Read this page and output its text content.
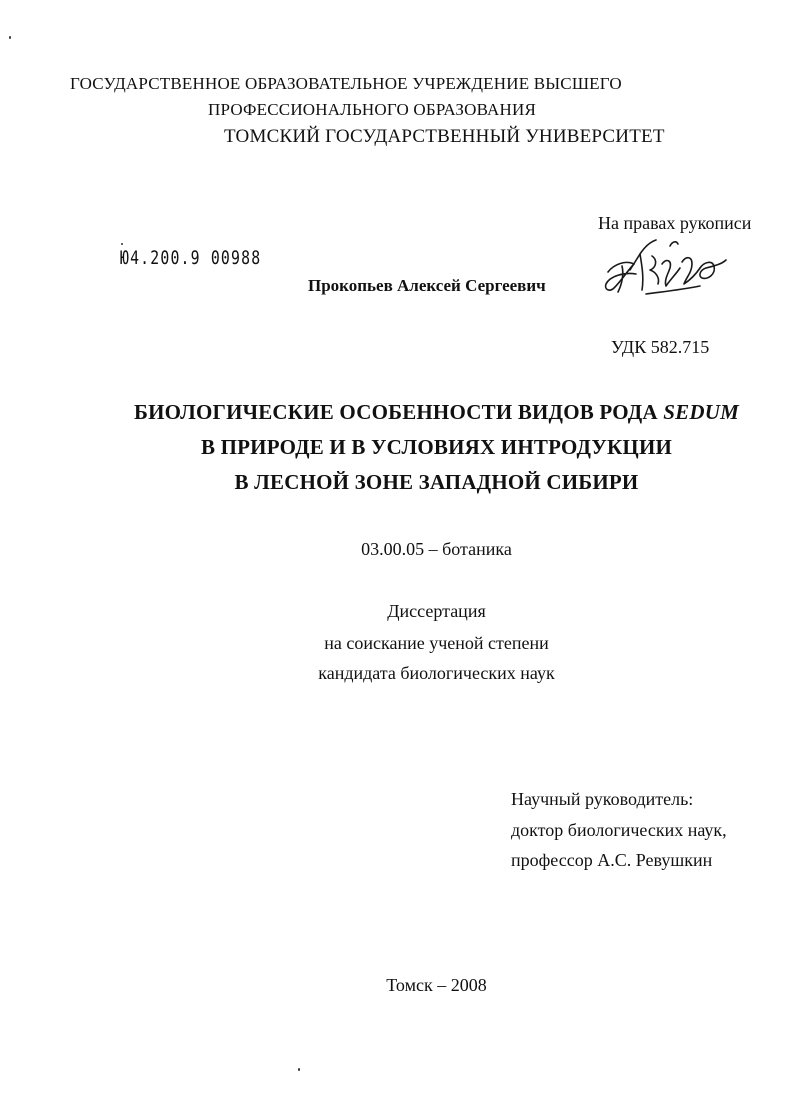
ГОСУДАРСТВЕННОЕ ОБРАЗОВАТЕЛЬНОЕ УЧРЕЖДЕНИЕ ВЫСШЕГО
ПРОФЕССИОНАЛЬНОГО ОБРАЗОВАНИЯ
ТОМСКИЙ ГОСУДАРСТВЕННЫЙ УНИВЕРСИТЕТ
На правах рукописи
Ю4.200.9 00988
Прокопьев Алексей Сергеевич
УДК 582.715
БИОЛОГИЧЕСКИЕ ОСОБЕННОСТИ ВИДОВ РОДА SEDUM
В ПРИРОДЕ И В УСЛОВИЯХ ИНТРОДУКЦИИ
В ЛЕСНОЙ ЗОНЕ ЗАПАДНОЙ СИБИРИ
03.00.05 – ботаника
Диссертация
на соискание ученой степени
кандидата биологических наук
Научный руководитель:
доктор биологических наук,
профессор А.С. Ревушкин
Томск – 2008
